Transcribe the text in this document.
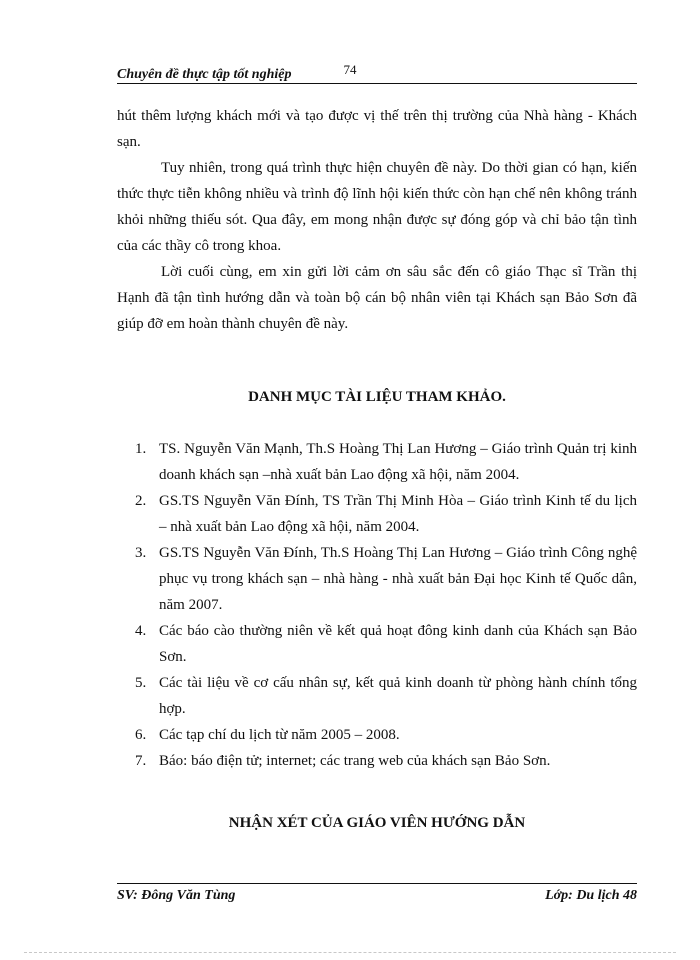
74
Chuyên đề thực tập tốt nghiệp

hút thêm lượng khách mới và tạo được vị thế trên thị trường của Nhà hàng - Khách sạn.

Tuy nhiên, trong quá trình thực hiện chuyên đề này. Do thời gian có hạn, kiến thức thực tiễn không nhiều và trình độ lĩnh hội kiến thức còn hạn chế nên không tránh khỏi những thiếu sót. Qua đây, em mong nhận được sự đóng góp và chỉ bảo tận tình của các thầy cô trong khoa.

Lời cuối cùng, em xin gửi lời cảm ơn sâu sắc đến cô giáo Thạc sĩ Trần thị Hạnh đã tận tình hướng dẫn và toàn bộ cán bộ nhân viên tại Khách sạn Bảo Sơn đã giúp đỡ em hoàn thành chuyên đề này.

DANH MỤC TÀI LIỆU THAM KHẢO.
1. TS. Nguyễn Văn Mạnh, Th.S Hoàng Thị Lan Hương – Giáo trình Quản trị kinh doanh khách sạn –nhà xuất bản Lao động xã hội, năm 2004.
2. GS.TS Nguyễn Văn Đính, TS Trần Thị Minh Hòa – Giáo trình Kinh tế du lịch – nhà xuất bản Lao động xã hội, năm 2004.
3. GS.TS Nguyễn Văn Đính, Th.S Hoàng Thị Lan Hương – Giáo trình Công nghệ phục vụ trong khách sạn – nhà hàng - nhà xuất bản Đại học Kinh tế Quốc dân, năm 2007.
4. Các báo cào thường niên về kết quả hoạt đông kinh danh của Khách sạn Bảo Sơn.
5. Các tài liệu về cơ cấu nhân sự, kết quả kinh doanh từ phòng hành chính tổng hợp.
6. Các tạp chí du lịch từ năm 2005 – 2008.
7. Báo: báo điện tử; internet; các trang web của khách sạn Bảo Sơn.
NHẬN XÉT CỦA GIÁO VIÊN HƯỚNG DẪN
SV: Đông Văn Tùng	Lớp: Du lịch 48
